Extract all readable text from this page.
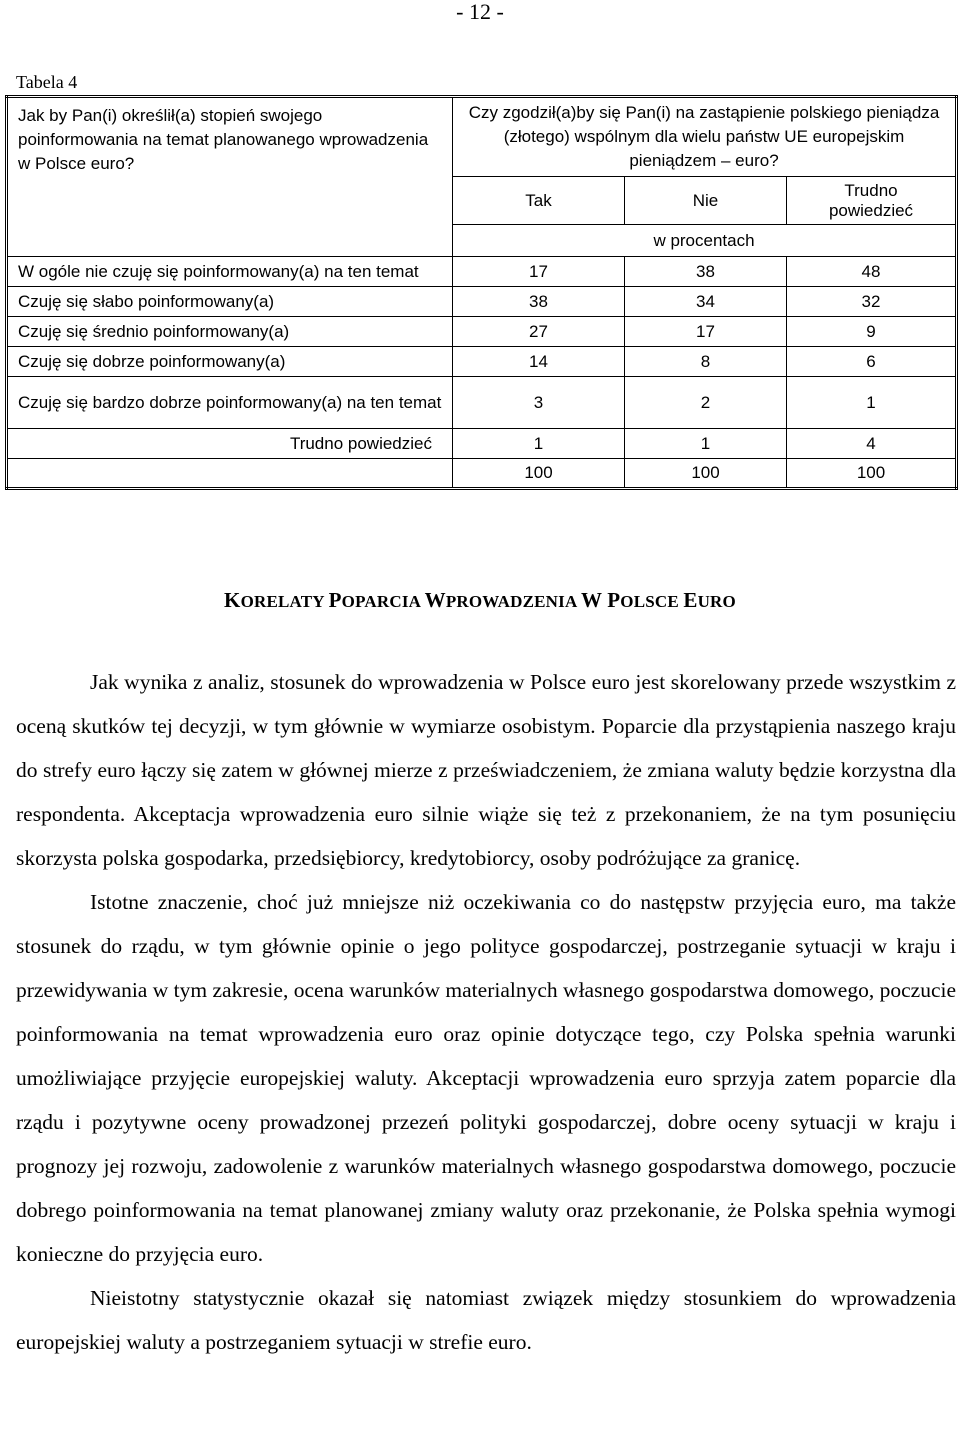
- 12 -
Tabela 4
Jak by Pan(i) określił(a) stopień swojego poinformowania na temat planowanego wprowadzenia w Polsce euro?	Czy zgodził(a)by się Pan(i) na zastąpienie polskiego pieniądza (złotego) wspólnym dla wielu państw UE europejskim pieniądzem – euro?		
	Tak	Nie	Trudno powiedzieć
	w procentach		
W ogóle nie czuję się poinformowany(a) na ten temat	17	38	48
Czuję się słabo poinformowany(a)	38	34	32
Czuję się średnio poinformowany(a)	27	17	9
Czuję się dobrze poinformowany(a)	14	8	6
Czuję się bardzo dobrze poinformowany(a) na ten temat	3	2	1
Trudno powiedzieć	1	1	4
	100	100	100
KORELATY POPARCIA WPROWADZENIA W POLSCE EURO

Jak wynika z analiz, stosunek do wprowadzenia w Polsce euro jest skorelowany przede wszystkim z oceną skutków tej decyzji, w tym głównie w wymiarze osobistym. Poparcie dla przystąpienia naszego kraju do strefy euro łączy się zatem w głównej mierze z przeświadczeniem, że zmiana waluty będzie korzystna dla respondenta. Akceptacja wprowadzenia euro silnie wiąże się też z przekonaniem, że na tym posunięciu skorzysta polska gospodarka, przedsiębiorcy, kredytobiorcy, osoby podróżujące za granicę.

Istotne znaczenie, choć już mniejsze niż oczekiwania co do następstw przyjęcia euro, ma także stosunek do rządu, w tym głównie opinie o jego polityce gospodarczej, postrzeganie sytuacji w kraju i przewidywania w tym zakresie, ocena warunków materialnych własnego gospodarstwa domowego, poczucie poinformowania na temat wprowadzenia euro oraz opinie dotyczące tego, czy Polska spełnia warunki umożliwiające przyjęcie europejskiej waluty. Akceptacji wprowadzenia euro sprzyja zatem poparcie dla rządu i pozytywne oceny prowadzonej przezeń polityki gospodarczej, dobre oceny sytuacji w kraju i prognozy jej rozwoju, zadowolenie z warunków materialnych własnego gospodarstwa domowego, poczucie dobrego poinformowania na temat planowanej zmiany waluty oraz przekonanie, że Polska spełnia wymogi konieczne do przyjęcia euro.

Nieistotny statystycznie okazał się natomiast związek między stosunkiem do wprowadzenia europejskiej waluty a postrzeganiem sytuacji w strefie euro.
